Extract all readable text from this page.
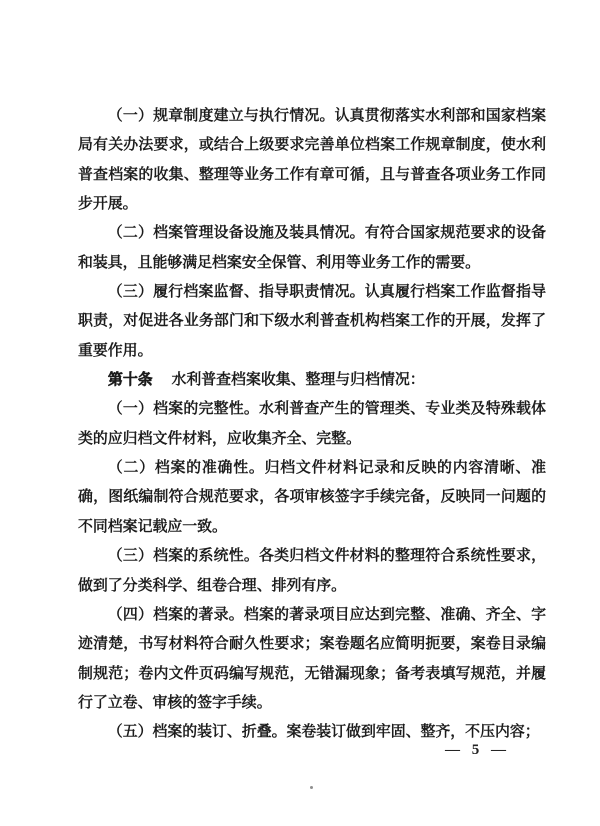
（一）规章制度建立与执行情况。认真贯彻落实水利部和国家档案局有关办法要求，或结合上级要求完善单位档案工作规章制度，使水利普查档案的收集、整理等业务工作有章可循，且与普查各项业务工作同步开展。

（二）档案管理设备设施及装具情况。有符合国家规范要求的设备和装具，且能够满足档案安全保管、利用等业务工作的需要。

（三）履行档案监督、指导职责情况。认真履行档案工作监督指导职责，对促进各业务部门和下级水利普查机构档案工作的开展，发挥了重要作用。

第十条 水利普查档案收集、整理与归档情况：

（一）档案的完整性。水利普查产生的管理类、专业类及特殊载体类的应归档文件材料，应收集齐全、完整。

（二）档案的准确性。归档文件材料记录和反映的内容清晰、准确，图纸编制符合规范要求，各项审核签字手续完备，反映同一问题的不同档案记载应一致。

（三）档案的系统性。各类归档文件材料的整理符合系统性要求，做到了分类科学、组卷合理、排列有序。

（四）档案的著录。档案的著录项目应达到完整、准确、齐全、字迹清楚，书写材料符合耐久性要求；案卷题名应简明扼要，案卷目录编制规范；卷内文件页码编写规范，无错漏现象；备考表填写规范，并履行了立卷、审核的签字手续。

（五）档案的装订、折叠。案卷装订做到牢固、整齐，不压内容；

— 5 —
